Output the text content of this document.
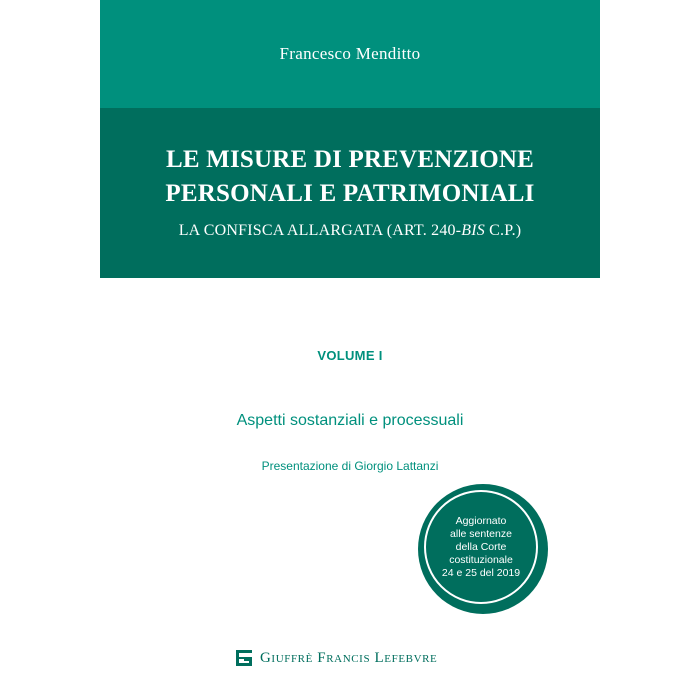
Francesco Menditto
LE MISURE DI PREVENZIONE
PERSONALI E PATRIMONIALI
LA CONFISCA ALLARGATA (ART. 240-BIS C.P.)
VOLUME I
Aspetti sostanziali e processuali
Presentazione di Giorgio Lattanzi
Aggiornato
alle sentenze
della Corte
costituzionale
24 e 25 del 2019
Giuffrè Francis Lefebvre
